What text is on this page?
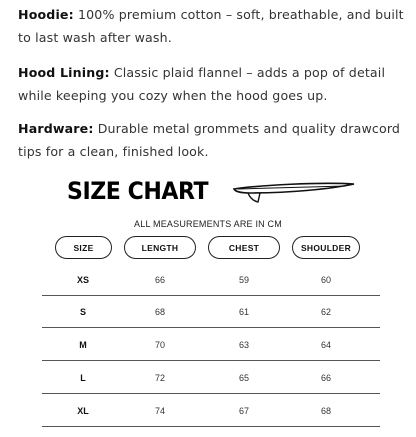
Hoodie: 100% premium cotton – soft, breathable, and built to last wash after wash.
Hood Lining: Classic plaid flannel – adds a pop of detail while keeping you cozy when the hood goes up.
Hardware: Durable metal grommets and quality drawcord tips for a clean, finished look.
SIZE CHART
ALL MEASUREMENTS ARE IN CM
SIZE	LENGTH	CHEST	SHOULDER
XS	66	59	60
S	68	61	62
M	70	63	64
L	72	65	66
XL	74	67	68
